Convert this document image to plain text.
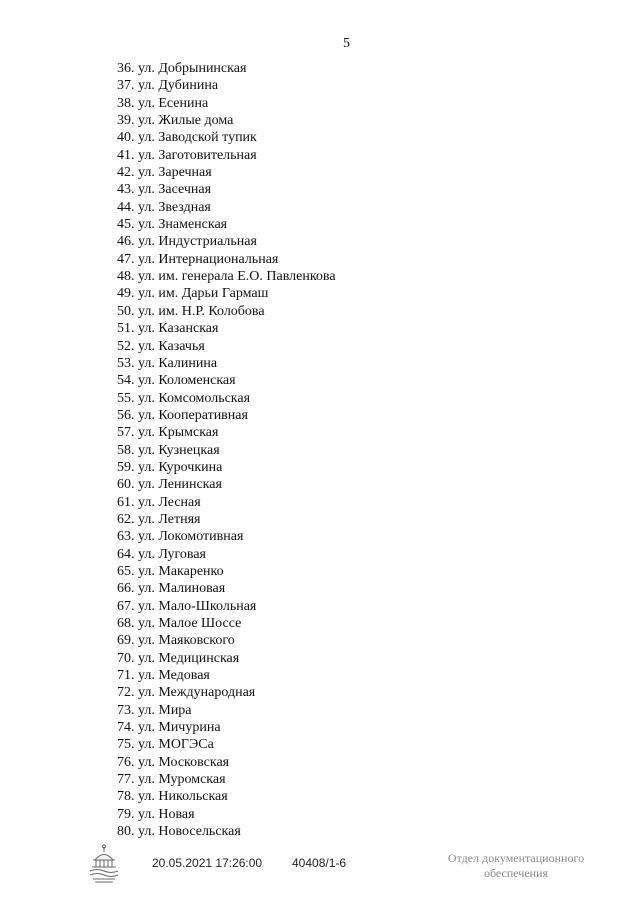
5
36. ул. Добрынинская
37. ул. Дубинина
38. ул. Есенина
39. ул. Жилые дома
40. ул. Заводской тупик
41. ул. Заготовительная
42. ул. Заречная
43. ул. Засечная
44. ул. Звездная
45. ул. Знаменская
46. ул. Индустриальная
47. ул. Интернациональная
48. ул. им. генерала Е.О. Павленкова
49. ул. им. Дарьи Гармаш
50. ул. им. Н.Р. Колобова
51. ул. Казанская
52. ул. Казачья
53. ул. Калинина
54. ул. Коломенская
55. ул. Комсомольская
56. ул. Кооперативная
57. ул. Крымская
58. ул. Кузнецкая
59. ул. Курочкина
60. ул. Ленинская
61. ул. Лесная
62. ул. Летняя
63. ул. Локомотивная
64. ул. Луговая
65. ул. Макаренко
66. ул. Малиновая
67. ул. Мало-Школьная
68. ул. Малое Шоссе
69. ул. Маяковского
70. ул. Медицинская
71. ул. Медовая
72. ул. Международная
73. ул. Мира
74. ул. Мичурина
75. ул. МОГЭСа
76. ул. Московская
77. ул. Муромская
78. ул. Никольская
79. ул. Новая
80. ул. Новосельская
20.05.2021 17:26:00 40408/1-6	Отдел документационного
обеспечения
